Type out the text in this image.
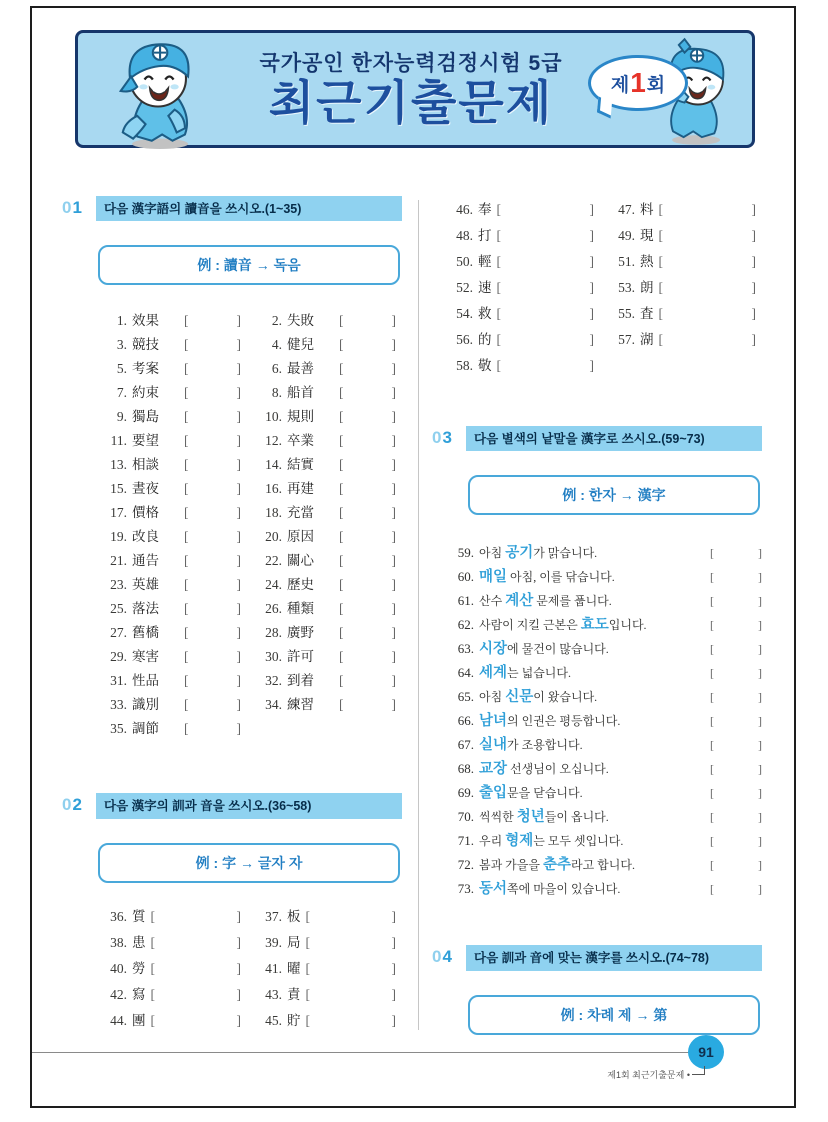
국가공인 한자능력검정시험 5급
최근기출문제	제 1 회
01	다음 漢字語의 讀音을 쓰시오.(1~35)
例 : 讀音 → 독음
1. 效果	[	]	2. 失敗	[	]
3. 競技	[	]	4. 健兒	[	]
5. 考案	[	]	6. 最善	[	]
7. 約束	[	]	8. 船首	[	]
9. 獨島	[	]	10. 規則	[	]
11. 要望	[	]	12. 卒業	[	]
13. 相談	[	]	14. 結實	[	]
15. 晝夜	[	]	16. 再建	[	]
17. 價格	[	]	18. 充當	[	]
19. 改良	[	]	20. 原因	[	]
21. 通告	[	]	22. 關心	[	]
23. 英雄	[	]	24. 歷史	[	]
25. 落法	[	]	26. 種類	[	]
27. 舊橋	[	]	28. 廣野	[	]
29. 寒害	[	]	30. 許可	[	]
31. 性品	[	]	32. 到着	[	]
33. 識別	[	]	34. 練習	[	]
35. 調節	[	]
02	다음 漢字의 訓과 音을 쓰시오.(36~58)
例 : 字 → 글자 자
36. 質 [	]	37. 板 [	]
38. 患 [	]	39. 局 [	]
40. 勞 [	]	41. 曜 [	]
42. 寫 [	]	43. 責 [	]
44. 團 [	]	45. 貯 [	]
46. 奉 [	]	47. 料 [	]
48. 打 [	]	49. 現 [	]
50. 輕 [	]	51. 熱 [	]
52. 速 [	]	53. 朗 [	]
54. 救 [	]	55. 査 [	]
56. 的 [	]	57. 湖 [	]
58. 敬 [	]
03	다음 별색의 낱말을 漢字로 쓰시오.(59~73)
例 : 한자 → 漢字
59. 아침 공기가 맑습니다.	[	]
60. 매일 아침, 이를 닦습니다.	[	]
61. 산수 계산 문제를 풉니다.	[	]
62. 사람이 지킬 근본은 효도입니다.	[	]
63. 시장에 물건이 많습니다.	[	]
64. 세계는 넓습니다.	[	]
65. 아침 신문이 왔습니다.	[	]
66. 남녀의 인권은 평등합니다.	[	]
67. 실내가 조용합니다.	[	]
68. 교장 선생님이 오십니다.	[	]
69. 출입문을 닫습니다.	[	]
70. 씩씩한 청년들이 옵니다.	[	]
71. 우리 형제는 모두 셋입니다.	[	]
72. 봄과 가을을 춘추라고 합니다.	[	]
73. 동서쪽에 마을이 있습니다.	[	]
04	다음 訓과 音에 맞는 漢字를 쓰시오.(74~78)
例 : 차례 제 → 第
91
제1회 최근기출문제 •
